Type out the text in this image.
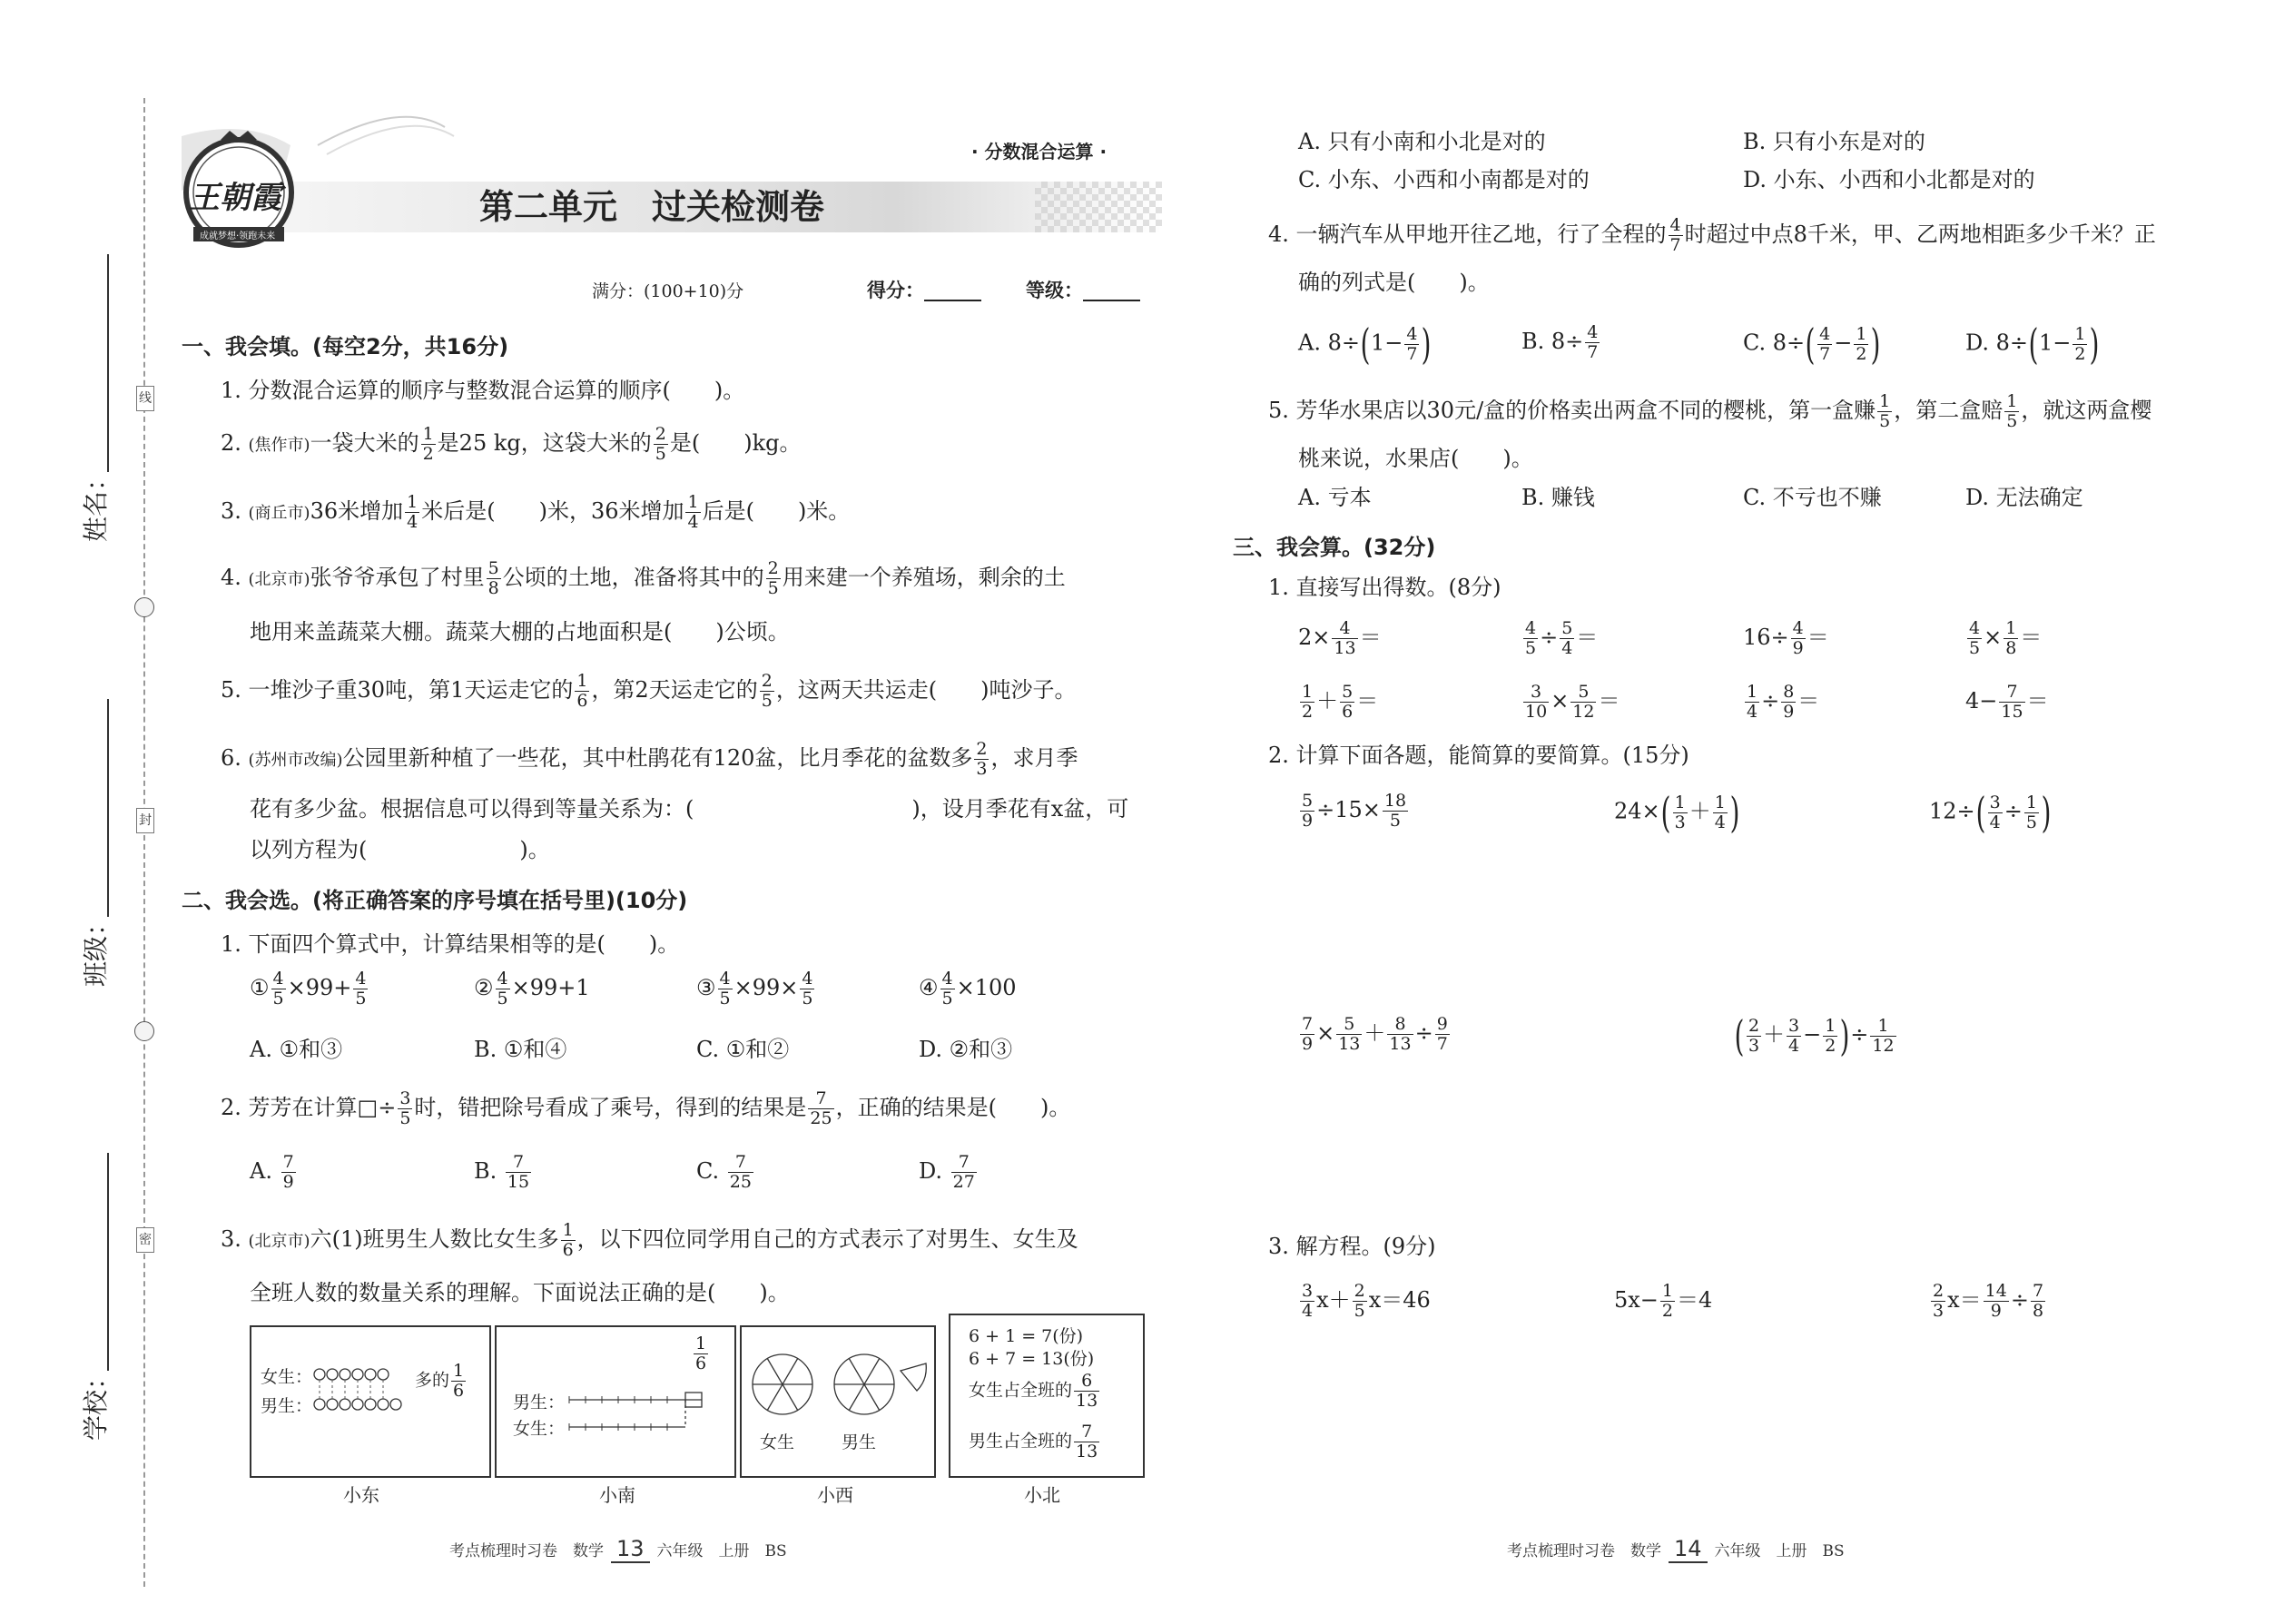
姓名：
班级：
学校：
线
封
密
王朝霞
成就梦想·领跑未来
· 分数混合运算 ·
第二单元　过关检测卷
满分：(100+10)分	得分：______ 等级：______
一、我会填。(每空2分，共16分)
1. 分数混合运算的顺序与整数混合运算的顺序(　　)。
2. (焦作市)一袋大米的 $\frac{1}{2}$ 是25 kg，这袋大米的 $\frac{2}{5}$ 是(　　)kg。
3. (商丘市)36米增加 $\frac{1}{4}$ 米后是(　　)米，36米增加 $\frac{1}{4}$ 后是(　　)米。
4. (北京市)张爷爷承包了村里 $\frac{5}{8}$ 公顷的土地，准备将其中的 $\frac{2}{5}$ 用来建一个养殖场，剩余的土
地用来盖蔬菜大棚。蔬菜大棚的占地面积是(　　)公顷。
5. 一堆沙子重30吨，第1天运走它的 $\frac{1}{6}$ ，第2天运走它的 $\frac{2}{5}$ ，这两天共运走(　　)吨沙子。
6. (苏州市改编)公园里新种植了一些花，其中杜鹃花有120盆，比月季花的盆数多 $\frac{2}{3}$ ，求月季
花有多少盆。根据信息可以得到等量关系为：(　　　　　　　　　　)，设月季花有x盆，可
以列方程为(　　　　　　　)。
二、我会选。(将正确答案的序号填在括号里)(10分)
1. 下面四个算式中，计算结果相等的是(　　)。
① $\frac{4}{5} \times 99+ \frac{4}{5}$	② $\frac{4}{5} \times 99+1$	③ $\frac{4}{5} \times 99\times \frac{4}{5}$	④ $\frac{4}{5} \times 100$
A. ①和③	B. ①和④	C. ①和②	D. ②和③
2. 芳芳在计算□÷ $\frac{3}{5}$ 时，错把除号看成了乘号，得到的结果是 $\frac{7}{25}$ ，正确的结果是(　　)。
A. $\frac{7}{9}$	B. $\frac{7}{15}$	C. $\frac{7}{25}$	D. $\frac{7}{27}$
3. (北京市)六(1)班男生人数比女生多 $\frac{1}{6}$ ，以下四位同学用自己的方式表示了对男生、女生及
全班人数的数量关系的理解。下面说法正确的是(　　)。
女生：
男生：
多的 $\frac{1}{6}$
小东
$\frac{1}{6}$
男生：
女生：
小南
女生	男生
小西
6 + 1 = 7(份)
6 + 7 = 13(份)
女生占全班的 $\frac{6}{13}$
男生占全班的 $\frac{7}{13}$
小北
A. 只有小南和小北是对的	B. 只有小东是对的
C. 小东、小西和小南都是对的	D. 小东、小西和小北都是对的
4. 一辆汽车从甲地开往乙地，行了全程的 $\frac{4}{7}$ 时超过中点8千米，甲、乙两地相距多少千米？正
确的列式是(　　)。
A. $8\div(1- \frac{4}{7}$ )	B. $8\div \frac{4}{7}$	C. $8\div( \frac{4}{7} - \frac{1}{2}$ )	D. $8\div(1- \frac{1}{2}$ )
5. 芳华水果店以30元/盒的价格卖出两盒不同的樱桃，第一盒赚 $\frac{1}{5}$ ，第二盒赔 $\frac{1}{5}$ ，就这两盒樱
桃来说，水果店(　　)。
A. 亏本	B. 赚钱	C. 不亏也不赚	D. 无法确定
三、我会算。(32分)
1. 直接写出得数。(8分)
$2\times \frac{4}{13}$ ＝	$\frac{4}{5} \div \frac{5}{4}$ ＝	$16\div \frac{4}{9}$ ＝	$\frac{4}{5} \times \frac{1}{8}$ ＝
$\frac{1}{2} + \frac{5}{6}$ ＝	$\frac{3}{10} \times \frac{5}{12}$ ＝	$\frac{1}{4} \div \frac{8}{9}$ ＝	$4- \frac{7}{15}$ ＝
2. 计算下面各题，能简算的要简算。(15分)
$\frac{5}{9} \div 15\times \frac{18}{5}$	$24\times( \frac{1}{3} + \frac{1}{4}$ )	$12\div( \frac{3}{4} \div \frac{1}{5}$ )
$\frac{7}{9} \times \frac{5}{13} + \frac{8}{13} \div \frac{9}{7}$	( $\frac{2}{3} + \frac{3}{4} - \frac{1}{2}$ )÷ $\frac{1}{12}$
3. 解方程。(9分)
$\frac{3}{4} x+ \frac{2}{5} x=46$	$5x- \frac{1}{2} =4$	$\frac{2}{3} x= \frac{14}{9} \div \frac{7}{8}$
考点梳理时习卷　数学 13 六年级　上册　BS	考点梳理时习卷　数学 14 六年级　上册　BS
